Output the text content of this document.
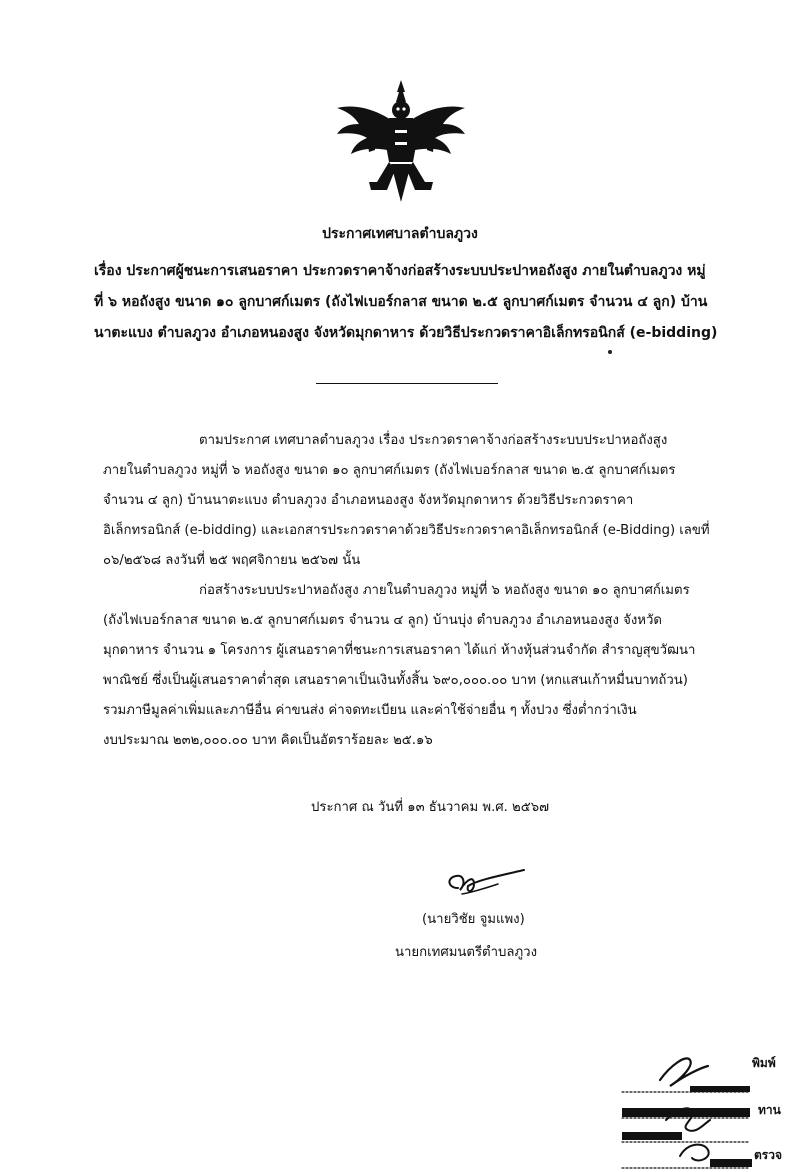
ประกาศเทศบาลตำบลภูวง
เรื่อง ประกาศผู้ชนะการเสนอราคา ประกวดราคาจ้างก่อสร้างระบบประปาหอถังสูง ภายในตำบลภูวง หมู่
ที่ ๖ หอถังสูง ขนาด ๑๐ ลูกบาศก์เมตร (ถังไฟเบอร์กลาส ขนาด ๒.๕ ลูกบาศก์เมตร จำนวน ๔ ลูก) บ้าน
นาตะแบง ตำบลภูวง อำเภอหนองสูง จังหวัดมุกดาหาร ด้วยวิธีประกวดราคาอิเล็กทรอนิกส์ (e-bidding)
ตามประกาศ เทศบาลตำบลภูวง เรื่อง ประกวดราคาจ้างก่อสร้างระบบประปาหอถังสูง
ภายในตำบลภูวง หมู่ที่ ๖ หอถังสูง ขนาด ๑๐ ลูกบาศก์เมตร (ถังไฟเบอร์กลาส ขนาด ๒.๕ ลูกบาศก์เมตร
จำนวน ๔ ลูก) บ้านนาตะแบง ตำบลภูวง อำเภอหนองสูง จังหวัดมุกดาหาร ด้วยวิธีประกวดราคา
อิเล็กทรอนิกส์ (e-bidding) และเอกสารประกวดราคาด้วยวิธีประกวดราคาอิเล็กทรอนิกส์ (e-Bidding) เลขที่
๐๖/๒๕๖๘ ลงวันที่ ๒๕ พฤศจิกายน ๒๕๖๗ นั้น
ก่อสร้างระบบประปาหอถังสูง ภายในตำบลภูวง หมู่ที่ ๖ หอถังสูง ขนาด ๑๐ ลูกบาศก์เมตร
(ถังไฟเบอร์กลาส ขนาด ๒.๕ ลูกบาศก์เมตร จำนวน ๔ ลูก) บ้านบุ่ง ตำบลภูวง อำเภอหนองสูง จังหวัด
มุกดาหาร จำนวน ๑ โครงการ ผู้เสนอราคาที่ชนะการเสนอราคา ได้แก่ ห้างหุ้นส่วนจำกัด สำราญสุขวัฒนา
พาณิชย์ ซึ่งเป็นผู้เสนอราคาต่ำสุด เสนอราคาเป็นเงินทั้งสิ้น ๖๙๐,๐๐๐.๐๐ บาท (หกแสนเก้าหมื่นบาทถ้วน)
รวมภาษีมูลค่าเพิ่มและภาษีอื่น ค่าขนส่ง ค่าจดทะเบียน และค่าใช้จ่ายอื่น ๆ ทั้งปวง ซึ่งต่ำกว่าเงิน
งบประมาณ ๒๓๒,๐๐๐.๐๐ บาท คิดเป็นอัตราร้อยละ ๒๕.๑๖
ประกาศ ณ วันที่ ๑๓ ธันวาคม พ.ศ. ๒๕๖๗
(นายวิชัย จูมแพง)
นายกเทศมนตรีตำบลภูวง
พิมพ์
ทาน
ตรวจ
